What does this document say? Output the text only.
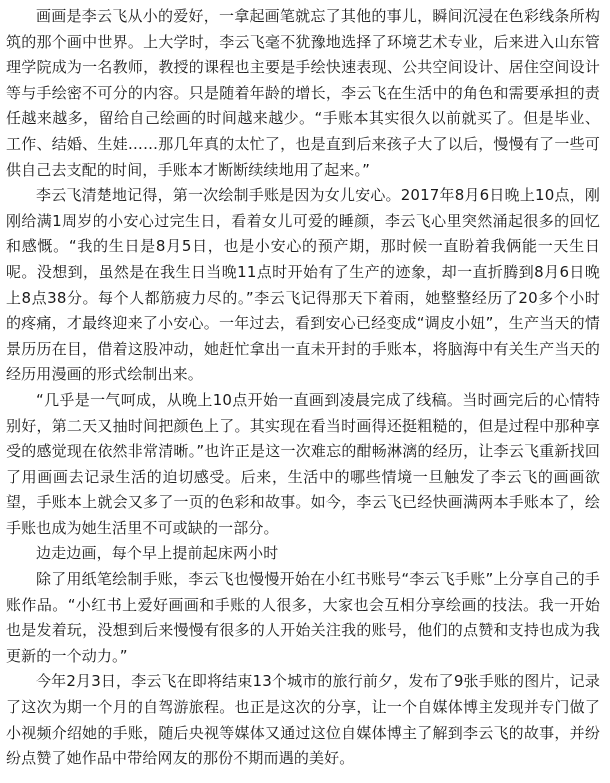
画画是李云飞从小的爱好，一拿起画笔就忘了其他的事儿，瞬间沉浸在色彩线条所构筑的那个画中世界。上大学时，李云飞毫不犹豫地选择了环境艺术专业，后来进入山东管理学院成为一名教师，教授的课程也主要是手绘快速表现、公共空间设计、居住空间设计等与手绘密不可分的内容。只是随着年龄的增长，李云飞在生活中的角色和需要承担的责任越来越多，留给自己绘画的时间越来越少。“手账本其实很久以前就买了。但是毕业、工作、结婚、生娃……那几年真的太忙了，也是直到后来孩子大了以后，慢慢有了一些可供自己去支配的时间，手账本才断断续续地用了起来。”

李云飞清楚地记得，第一次绘制手账是因为女儿安心。2017年8月6日晚上10点，刚刚给满1周岁的小安心过完生日，看着女儿可爱的睡颜，李云飞心里突然涌起很多的回忆和感慨。“我的生日是8月5日，也是小安心的预产期，那时候一直盼着我俩能一天生日呢。没想到，虽然是在我生日当晚11点时开始有了生产的迹象，却一直折腾到8月6日晚上8点38分。每个人都筋疲力尽的。”李云飞记得那天下着雨，她整整经历了20多个小时的疼痛，才最终迎来了小安心。一年过去，看到安心已经变成“调皮小妞”，生产当天的情景历历在目，借着这股冲动，她赶忙拿出一直未开封的手账本，将脑海中有关生产当天的经历用漫画的形式绘制出来。

“几乎是一气呵成，从晚上10点开始一直画到凌晨完成了线稿。当时画完后的心情特别好，第二天又抽时间把颜色上了。其实现在看当时画得还挺粗糙的，但是过程中那种享受的感觉现在依然非常清晰。”也许正是这一次难忘的酣畅淋漓的经历，让李云飞重新找回了用画画去记录生活的迫切感受。后来，生活中的哪些情境一旦触发了李云飞的画画欲望，手账本上就会又多了一页的色彩和故事。如今，李云飞已经快画满两本手账本了，绘手账也成为她生活里不可或缺的一部分。

边走边画，每个早上提前起床两小时

除了用纸笔绘制手账，李云飞也慢慢开始在小红书账号“李云飞手账”上分享自己的手账作品。“小红书上爱好画画和手账的人很多，大家也会互相分享绘画的技法。我一开始也是发着玩，没想到后来慢慢有很多的人开始关注我的账号，他们的点赞和支持也成为我更新的一个动力。”

今年2月3日，李云飞在即将结束13个城市的旅行前夕，发布了9张手账的图片，记录了这次为期一个月的自驾游旅程。也正是这次的分享，让一个自媒体博主发现并专门做了小视频介绍她的手账，随后央视等媒体又通过这位自媒体博主了解到李云飞的故事，并纷纷点赞了她作品中带给网友的那份不期而遇的美好。
